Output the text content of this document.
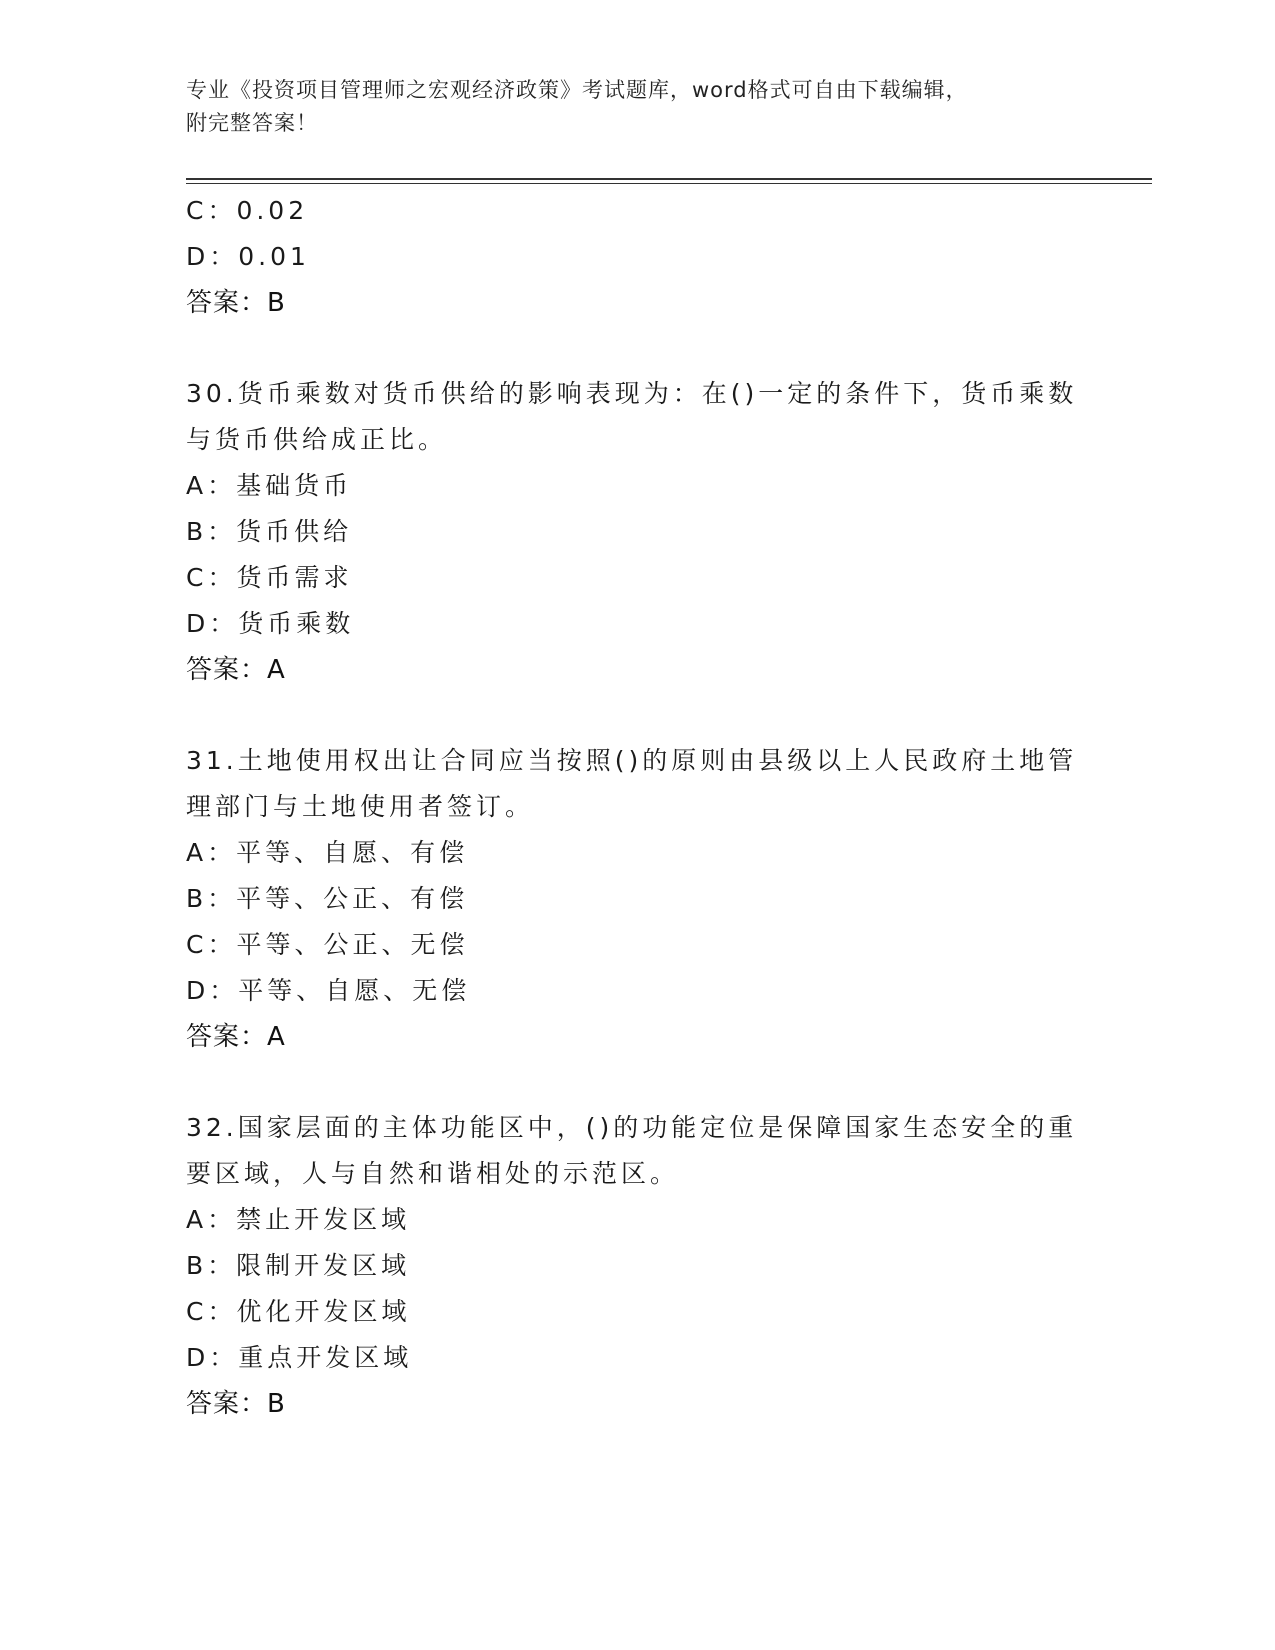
专业《投资项目管理师之宏观经济政策》考试题库，word格式可自由下载编辑，
附完整答案！
C：0.02
D：0.01
答案：B
30.货币乘数对货币供给的影响表现为：在()一定的条件下，货币乘数
与货币供给成正比。
A：基础货币
B：货币供给
C：货币需求
D：货币乘数
答案：A
31.土地使用权出让合同应当按照()的原则由县级以上人民政府土地管
理部门与土地使用者签订。
A：平等、自愿、有偿
B：平等、公正、有偿
C：平等、公正、无偿
D：平等、自愿、无偿
答案：A
32.国家层面的主体功能区中，()的功能定位是保障国家生态安全的重
要区域，人与自然和谐相处的示范区。
A：禁止开发区域
B：限制开发区域
C：优化开发区域
D：重点开发区域
答案：B
